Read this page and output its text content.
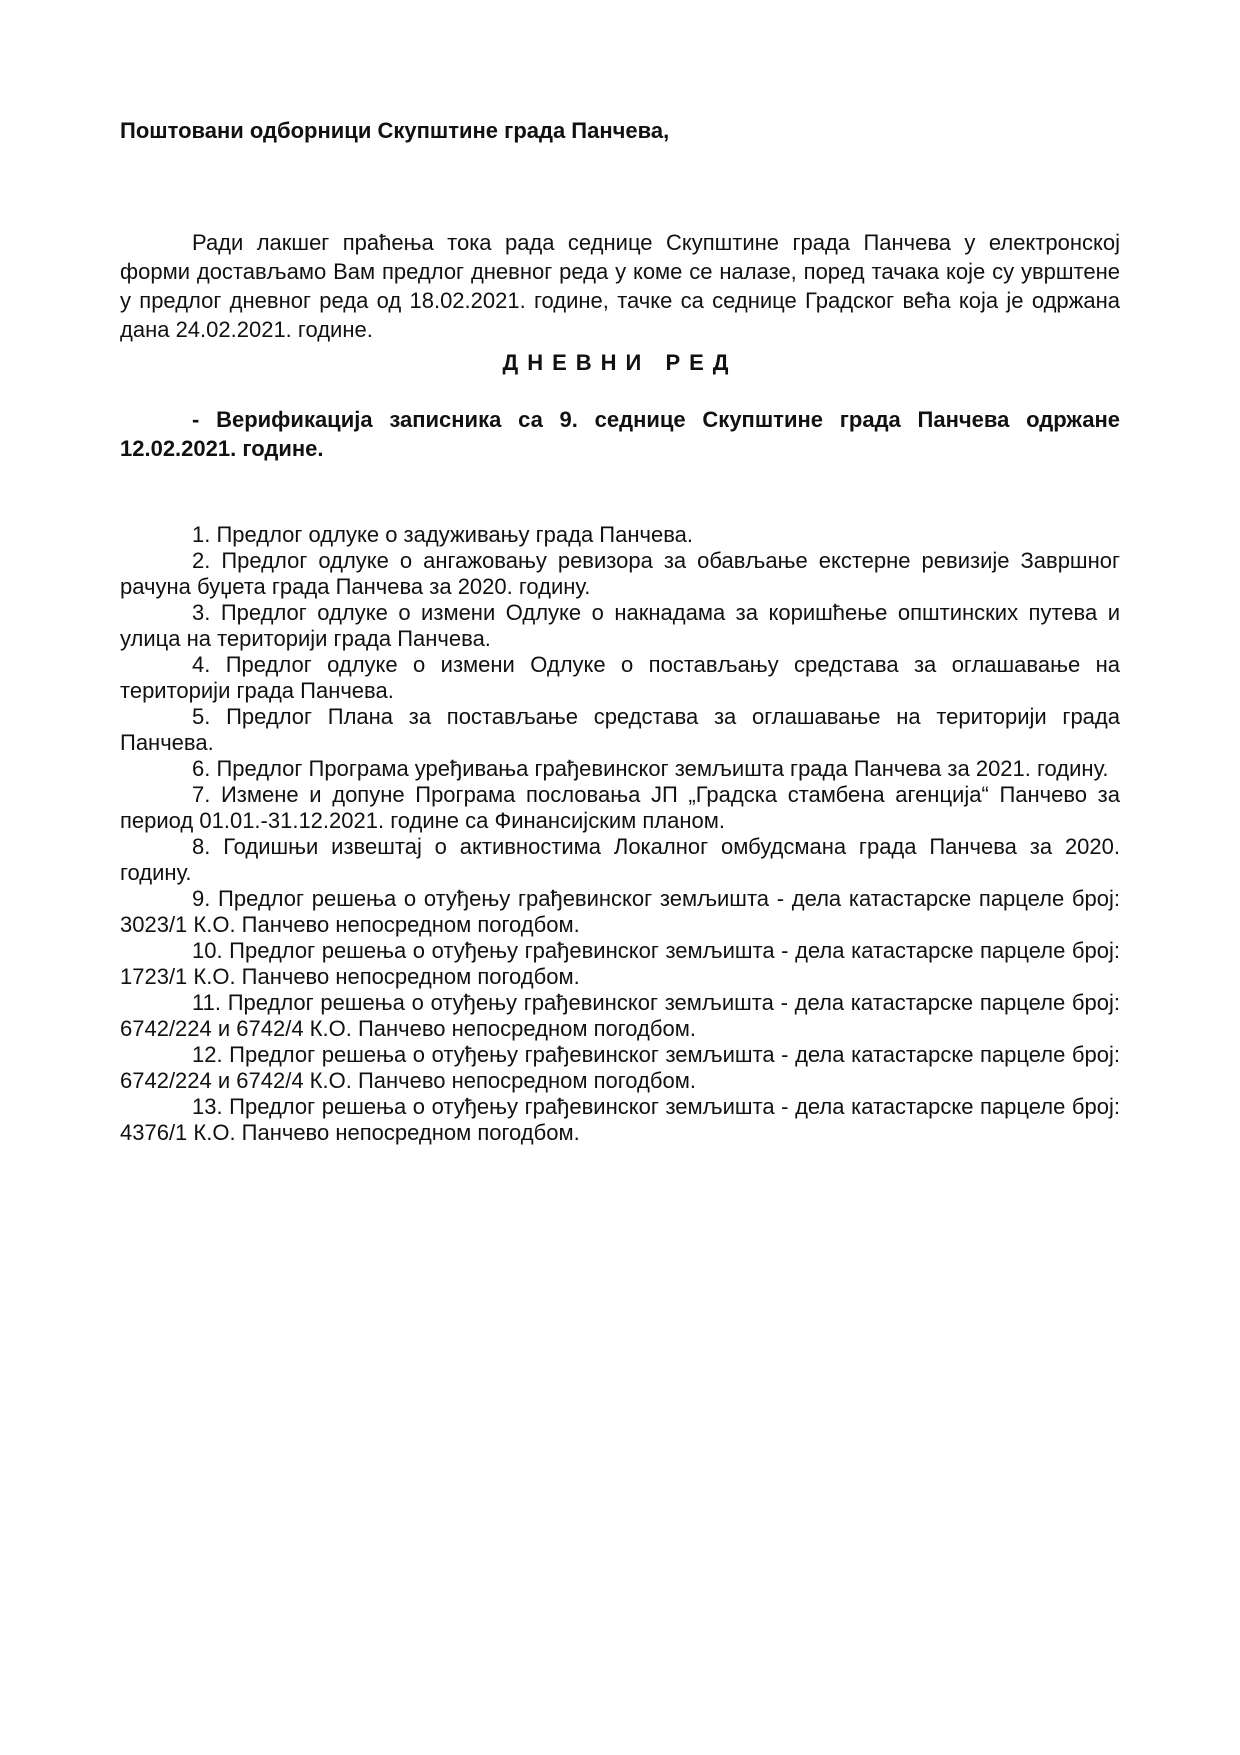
Поштовани одборници Скупштине града Панчева,

Ради лакшег праћења тока рада седнице Скупштине града Панчева у електронској форми достављамо Вам предлог дневног реда у коме се налазе, поред тачака које су уврштене у предлог дневног реда од 18.02.2021. године, тачке са седнице Градског већа која је одржана дана 24.02.2021. године.

ДНЕВНИ РЕД

- Верификација записника са 9. седнице Скупштине града Панчева одржане 12.02.2021. године.

1. Предлог одлуке о задуживању града Панчева.
2. Предлог одлуке о ангажовању ревизора за обављање екстерне ревизије Завршног рачуна буџета града Панчева за 2020. годину.
3. Предлог одлуке о измени Одлуке о накнадама за коришћење општинских путева и улица на територији града Панчева.
4. Предлог одлуке о измени Одлуке о постављању средстава за оглашавање на територији града Панчева.
5. Предлог Плана за постављање средстава за оглашавање на територији града Панчева.
6. Предлог Програма уређивања грађевинског земљишта града Панчева за 2021. годину.
7. Измене и допуне Програма пословања ЈП „Градска стамбена агенција“ Панчево за период 01.01.-31.12.2021. године са Финансијским планом.
8. Годишњи извештај о активностима Локалног омбудсмана града Панчева за 2020. годину.
9. Предлог решења о отуђењу грађевинског земљишта - дела катастарске парцеле број: 3023/1 К.О. Панчево непосредном погодбом.
10. Предлог решења о отуђењу грађевинског земљишта - дела катастарске парцеле број: 1723/1 К.О. Панчево непосредном погодбом.
11. Предлог решења о отуђењу грађевинског земљишта - дела катастарске парцеле број: 6742/224 и 6742/4 К.О. Панчево непосредном погодбом.
12. Предлог решења о отуђењу грађевинског земљишта - дела катастарске парцеле број: 6742/224 и 6742/4 К.О. Панчево непосредном погодбом.
13. Предлог решења о отуђењу грађевинског земљишта - дела катастарске парцеле број: 4376/1 К.О. Панчево непосредном погодбом.
